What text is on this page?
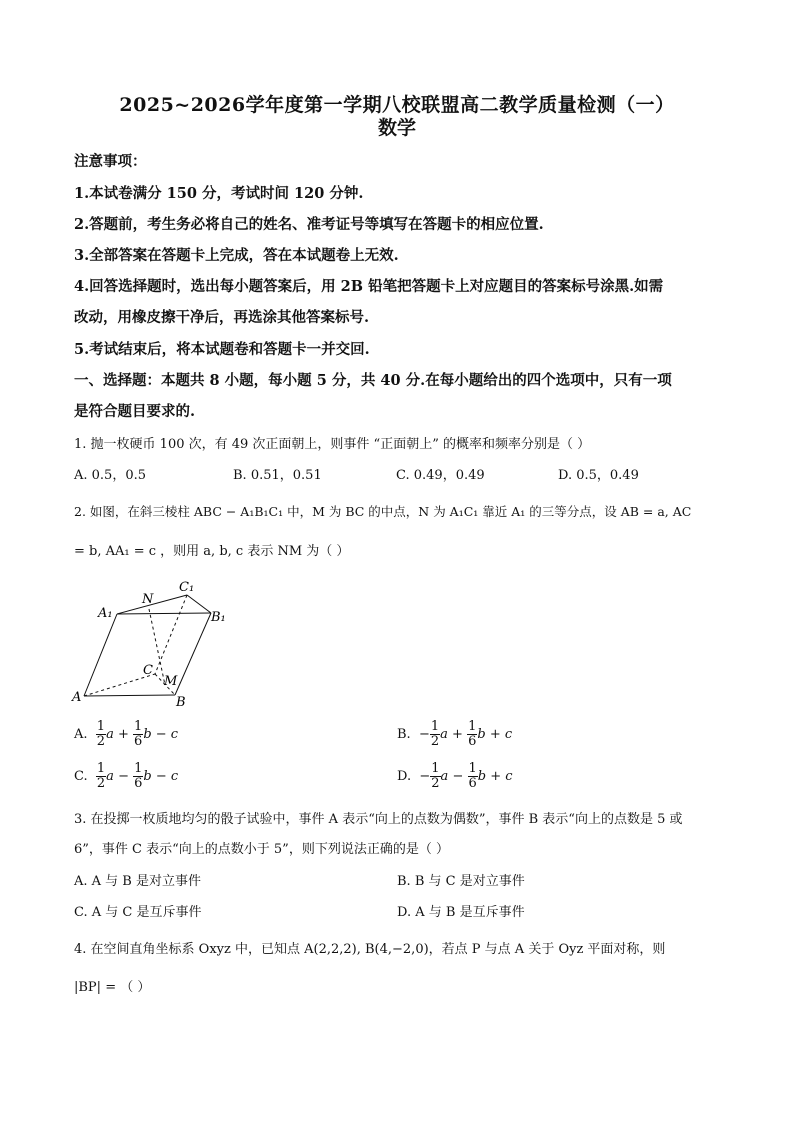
2025~2026学年度第一学期八校联盟高二教学质量检测（一）
数学
注意事项：
1.本试卷满分 150 分，考试时间 120 分钟.
2.答题前，考生务必将自己的姓名、准考证号等填写在答题卡的相应位置.
3.全部答案在答题卡上完成，答在本试题卷上无效.
4.回答选择题时，选出每小题答案后，用 2B 铅笔把答题卡上对应题目的答案标号涂黑.如需
改动，用橡皮擦干净后，再选涂其他答案标号.
5.考试结束后，将本试题卷和答题卡一并交回.
一、选择题：本题共 8 小题，每小题 5 分，共 40 分.在每小题给出的四个选项中，只有一项
是符合题目要求的.
1. 抛一枚硬币 100 次，有 49 次正面朝上，则事件 “正面朝上” 的概率和频率分别是（ ）
A. 0.5，0.5	B. 0.51，0.51	C. 0.49，0.49	D. 0.5，0.49
2. 如图，在斜三棱柱 ABC − A₁B₁C₁ 中，M 为 BC 的中点，N 为 A₁C₁ 靠近 A₁ 的三等分点，设 AB = a, AC
= b, AA₁ = c ，则用 a, b, c 表示 NM 为（ ）
A₁
N
C₁
B₁
C
M
A	B
A. $\frac{1}{2}$ $a + \frac{1}{6}$ b − c	B. − $\frac{1}{2}$ $a + \frac{1}{6}$ b + c
C. $\frac{1}{2}$ $a - \frac{1}{6}$ b − c	D. − $\frac{1}{2}$ $a - \frac{1}{6}$ b + c
3. 在投掷一枚质地均匀的骰子试验中，事件 A 表示“向上的点数为偶数”，事件 B 表示“向上的点数是 5 或
6”，事件 C 表示“向上的点数小于 5”，则下列说法正确的是（ ）
A. A 与 B 是对立事件	B. B 与 C 是对立事件
C. A 与 C 是互斥事件	D. A 与 B 是互斥事件
4. 在空间直角坐标系 Oxyz 中，已知点 A(2,2,2), B(4,−2,0)，若点 P 与点 A 关于 Oyz 平面对称，则
|BP| = （ ）
